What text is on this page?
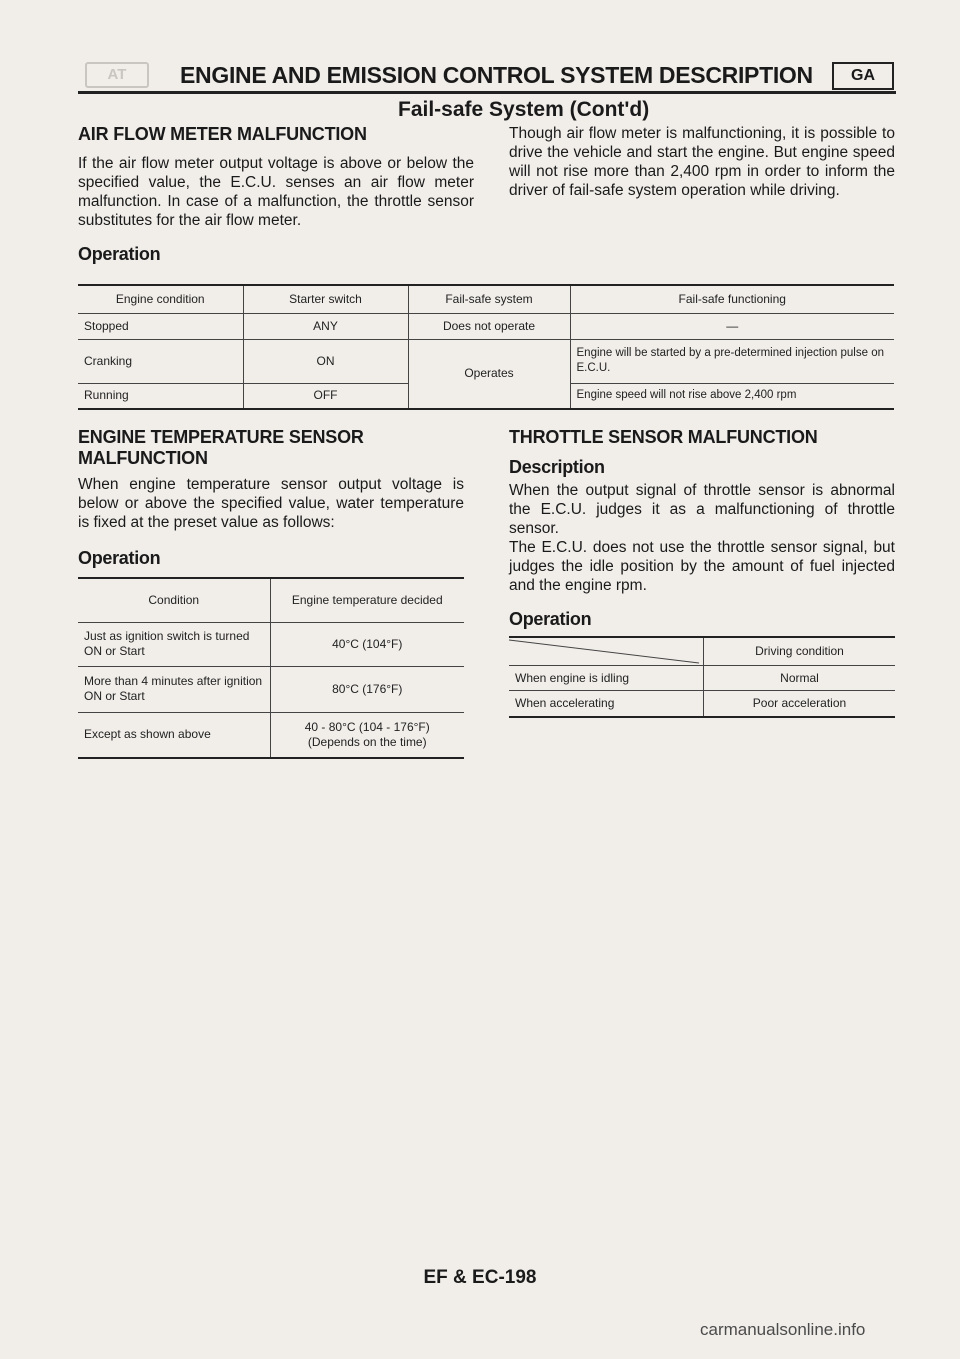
AT	ENGINE AND EMISSION CONTROL SYSTEM DESCRIPTION	GA
Fail-safe System (Cont'd)
AIR FLOW METER MALFUNCTION

If the air flow meter output voltage is above or below the specified value, the E.C.U. senses an air flow meter malfunction. In case of a malfunction, the throttle sensor substitutes for the air flow meter.

Operation

Though air flow meter is malfunctioning, it is possible to drive the vehicle and start the engine. But engine speed will not rise more than 2,400 rpm in order to inform the driver of fail-safe system operation while driving.

Engine condition	Starter switch	Fail-safe system	Fail-safe functioning
Stopped	ANY	Does not operate	—
Cranking	ON	Operates	Engine will be started by a pre-determined injection pulse on E.C.U.
Running	OFF		Engine speed will not rise above 2,400 rpm
ENGINE TEMPERATURE SENSOR
MALFUNCTION

When engine temperature sensor output voltage is below or above the specified value, water temperature is fixed at the preset value as follows:

Operation
Condition	Engine temperature decided
Just as ignition switch is turned ON or Start	40°C (104°F)
More than 4 minutes after ignition ON or Start	80°C (176°F)
Except as shown above	40 - 80°C (104 - 176°F) (Depends on the time)
THROTTLE SENSOR MALFUNCTION
Description

When the output signal of throttle sensor is abnormal the E.C.U. judges it as a malfunctioning of throttle sensor.

The E.C.U. does not use the throttle sensor signal, but judges the idle position by the amount of fuel injected and the engine rpm.

Operation
	Driving condition
When engine is idling	Normal
When accelerating	Poor acceleration
EF & EC-198
carmanualsonline.info
